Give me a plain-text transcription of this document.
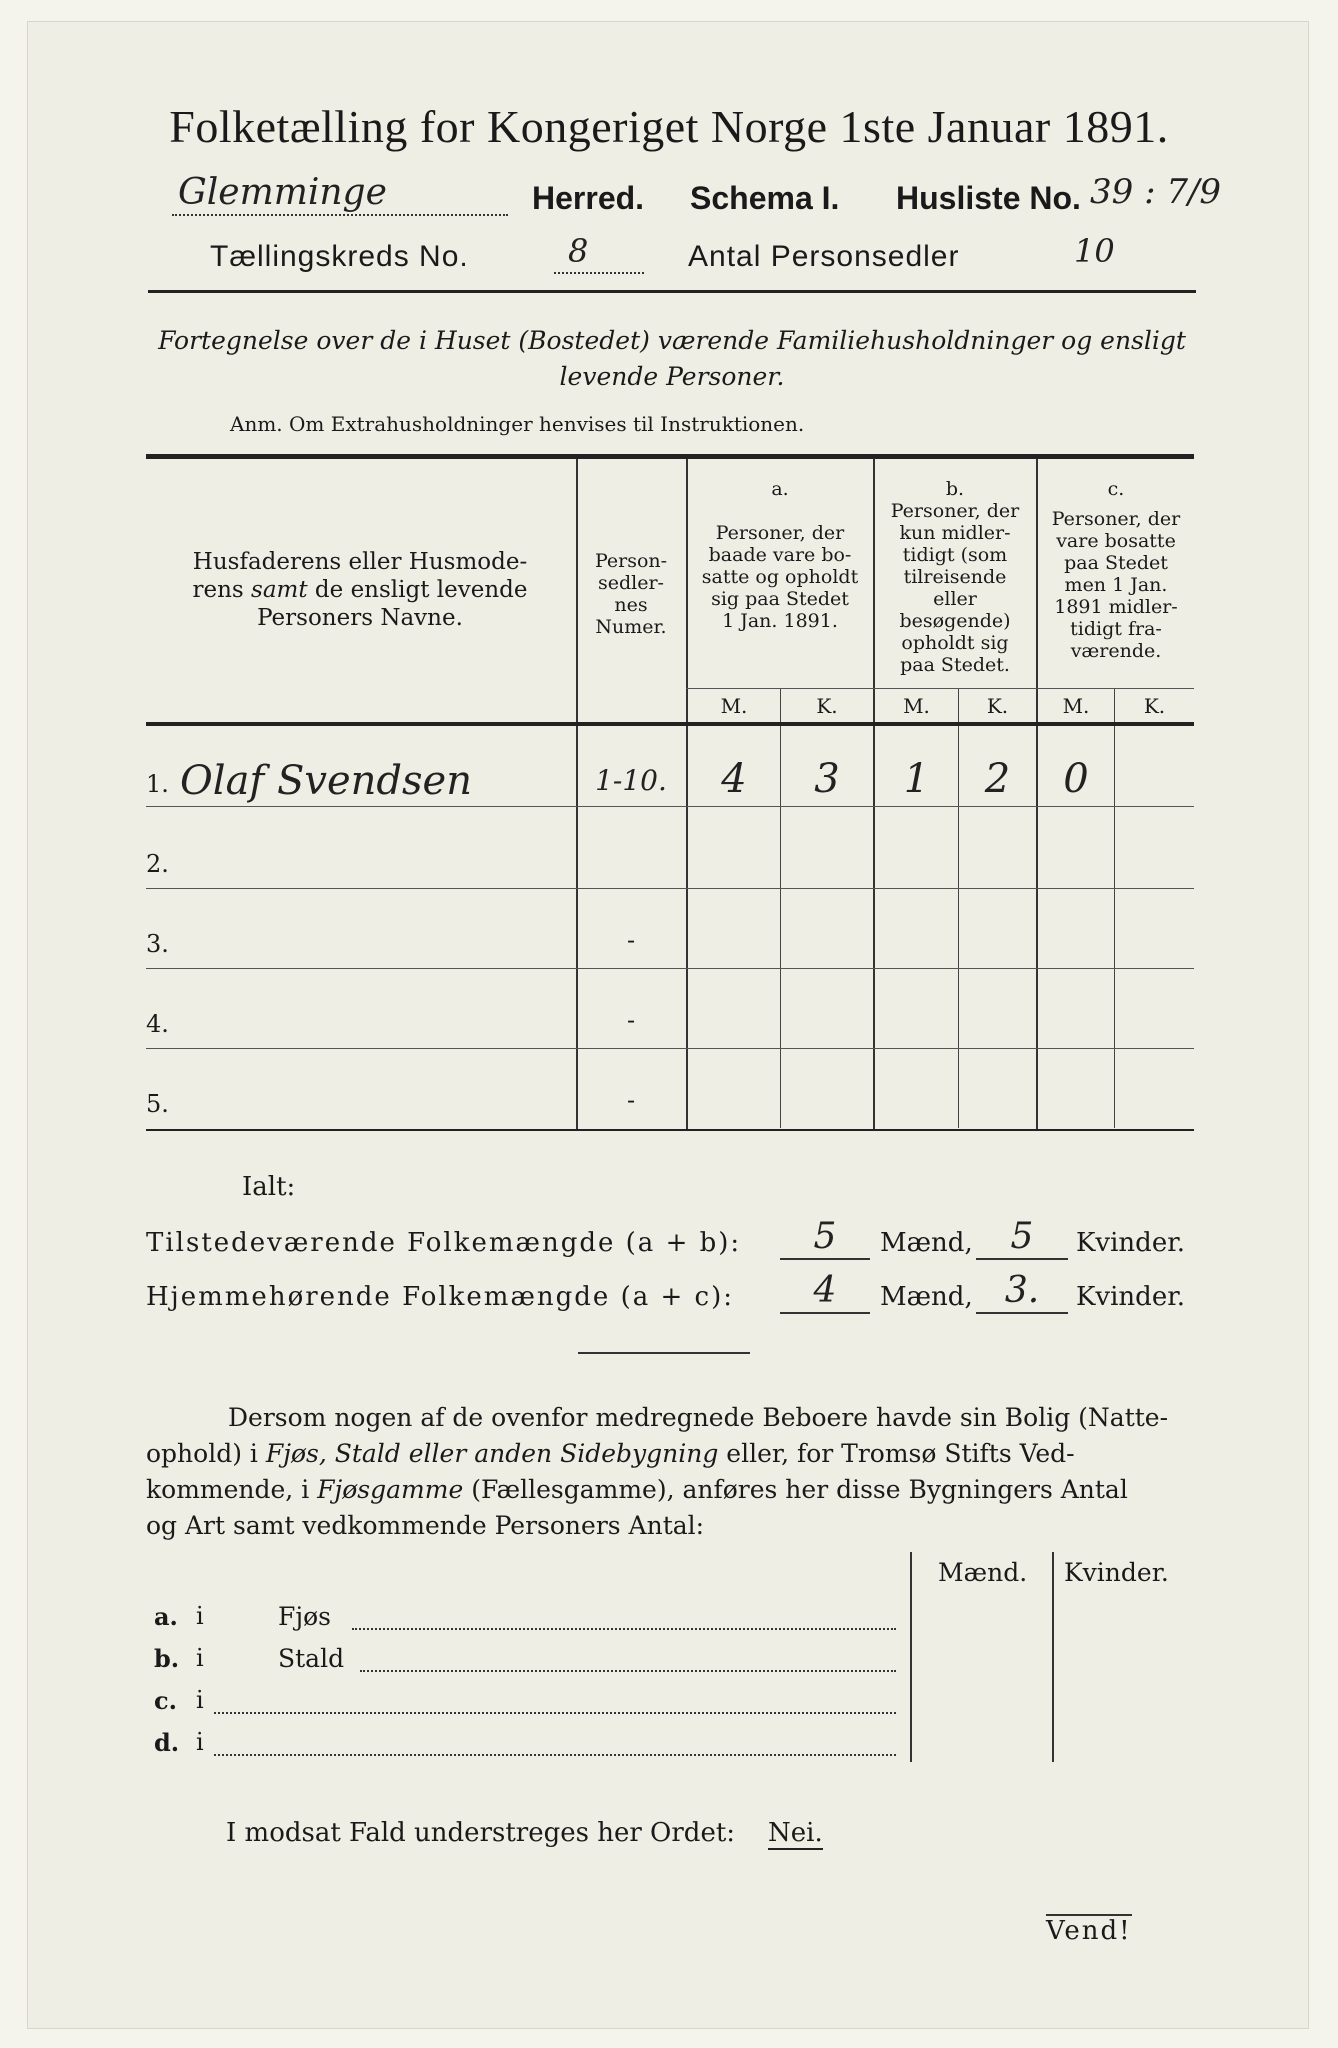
Folketælling for Kongeriget Norge 1ste Januar 1891.
Glemminge	Herred. Schema I. Husliste No. 39 : 7/9
Tællingskreds No.	8	Antal Personsedler	10
Fortegnelse over de i Huset (Bostedet) værende Familiehusholdninger og ensligt
levende Personer.
Anm. Om Extrahusholdninger henvises til Instruktionen.
Husfaderens eller Husmode-
rens samt de ensligt levende
Personers Navne.
Person-
sedler-
nes
Numer.
a.
Personer, der
baade vare bo-
satte og opholdt
sig paa Stedet
1 Jan. 1891.
b.
Personer, der
kun midler-
tidigt (som
tilreisende
eller
besøgende)
opholdt sig
paa Stedet.
c.
Personer, der
vare bosatte
paa Stedet
men 1 Jan.
1891 midler-
tidigt fra-
værende.
M.	K.	M.	K.	M.	K.
1. Olaf Svendsen	1-10.	4	3	1	2	0
2.
3.	-
4.	-
5.	-
Ialt:
Tilstedeværende Folkemængde (a + b):	5	Mænd,	5	Kvinder.
Hjemmehørende Folkemængde (a + c):	4	Mænd, 3.	Kvinder.
Dersom nogen af de ovenfor medregnede Beboere havde sin Bolig (Natte-
ophold) i Fjøs, Stald eller anden Sidebygning eller, for Tromsø Stifts Ved-
kommende, i Fjøsgamme (Fællesgamme), anføres her disse Bygningers Antal
og Art samt vedkommende Personers Antal:
Mænd. Kvinder.
a. i	Fjøs
b. i	Stald
c. i
d. i
I modsat Fald understreges her Ordet: Nei.
Vend!
